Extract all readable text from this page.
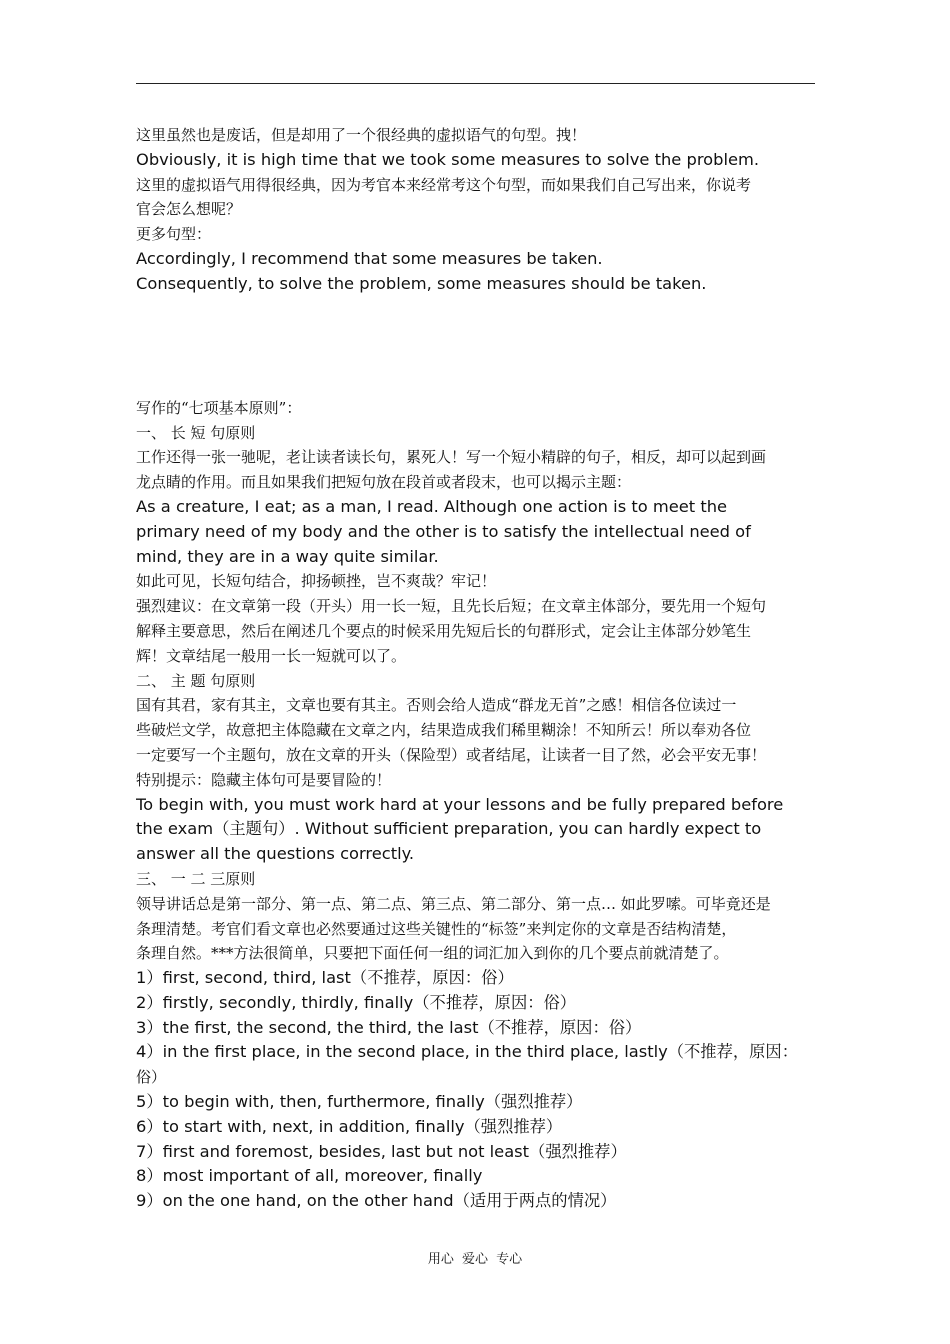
这里虽然也是废话，但是却用了一个很经典的虚拟语气的句型。拽！
Obviously, it is high time that we took some measures to solve the problem.
这里的虚拟语气用得很经典，因为考官本来经常考这个句型，而如果我们自己写出来，你说考
官会怎么想呢？
更多句型：
Accordingly, I recommend that some measures be taken.
Consequently, to solve the problem, some measures should be taken.
写作的“七项基本原则”：
一、 长 短 句原则
工作还得一张一驰呢，老让读者读长句，累死人！写一个短小精辟的句子，相反，却可以起到画
龙点睛的作用。而且如果我们把短句放在段首或者段末，也可以揭示主题：
As a creature, I eat; as a man, I read. Although one action is to meet the
primary need of my body and the other is to satisfy the intellectual need of
mind, they are in a way quite similar.
如此可见，长短句结合，抑扬顿挫，岂不爽哉？牢记！
强烈建议：在文章第一段（开头）用一长一短，且先长后短；在文章主体部分，要先用一个短句
解释主要意思，然后在阐述几个要点的时候采用先短后长的句群形式，定会让主体部分妙笔生
辉！文章结尾一般用一长一短就可以了。
二、 主 题 句原则
国有其君，家有其主，文章也要有其主。否则会给人造成“群龙无首”之感！相信各位读过一
些破烂文学，故意把主体隐藏在文章之内，结果造成我们稀里糊涂！不知所云！所以奉劝各位
一定要写一个主题句，放在文章的开头（保险型）或者结尾，让读者一目了然，必会平安无事！
特别提示：隐藏主体句可是要冒险的！
To begin with, you must work hard at your lessons and be fully prepared before
the exam（主题句）. Without sufficient preparation, you can hardly expect to
answer all the questions correctly.
三、 一 二 三原则
领导讲话总是第一部分、第一点、第二点、第三点、第二部分、第一点… 如此罗嗦。可毕竟还是
条理清楚。考官们看文章也必然要通过这些关键性的“标签”来判定你的文章是否结构清楚，
条理自然。***方法很简单，只要把下面任何一组的词汇加入到你的几个要点前就清楚了。
1）first, second, third, last（不推荐，原因：俗）
2）firstly, secondly, thirdly, finally（不推荐，原因：俗）
3）the first, the second, the third, the last（不推荐，原因：俗）
4）in the first place, in the second place, in the third place, lastly（不推荐，原因：
俗）
5）to begin with, then, furthermore, finally（强烈推荐）
6）to start with, next, in addition, finally（强烈推荐）
7）first and foremost, besides, last but not least（强烈推荐）
8）most important of all, moreover, finally
9）on the one hand, on the other hand（适用于两点的情况）
用心 爱心 专心
